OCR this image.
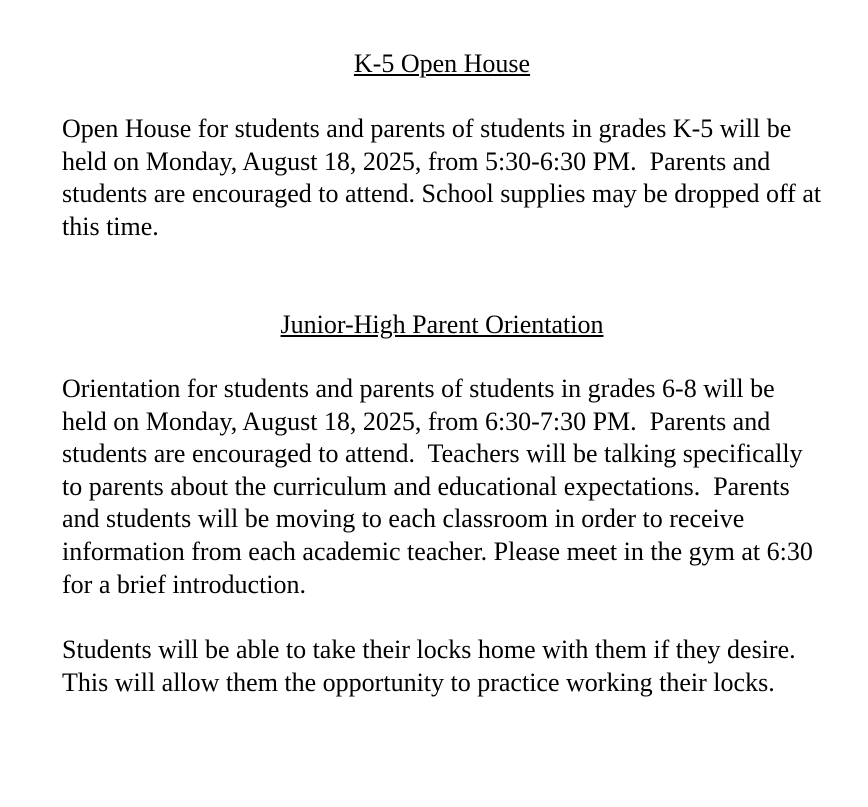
K-5 Open House

Open House for students and parents of students in grades K-5 will be held on Monday, August 18, 2025, from 5:30-6:30 PM.  Parents and students are encouraged to attend. School supplies may be dropped off at this time.

Junior-High Parent Orientation

Orientation for students and parents of students in grades 6-8 will be held on Monday, August 18, 2025, from 6:30-7:30 PM.  Parents and students are encouraged to attend.  Teachers will be talking specifically to parents about the curriculum and educational expectations.  Parents and students will be moving to each classroom in order to receive information from each academic teacher. Please meet in the gym at 6:30 for a brief introduction.

Students will be able to take their locks home with them if they desire.  This will allow them the opportunity to practice working their locks.
